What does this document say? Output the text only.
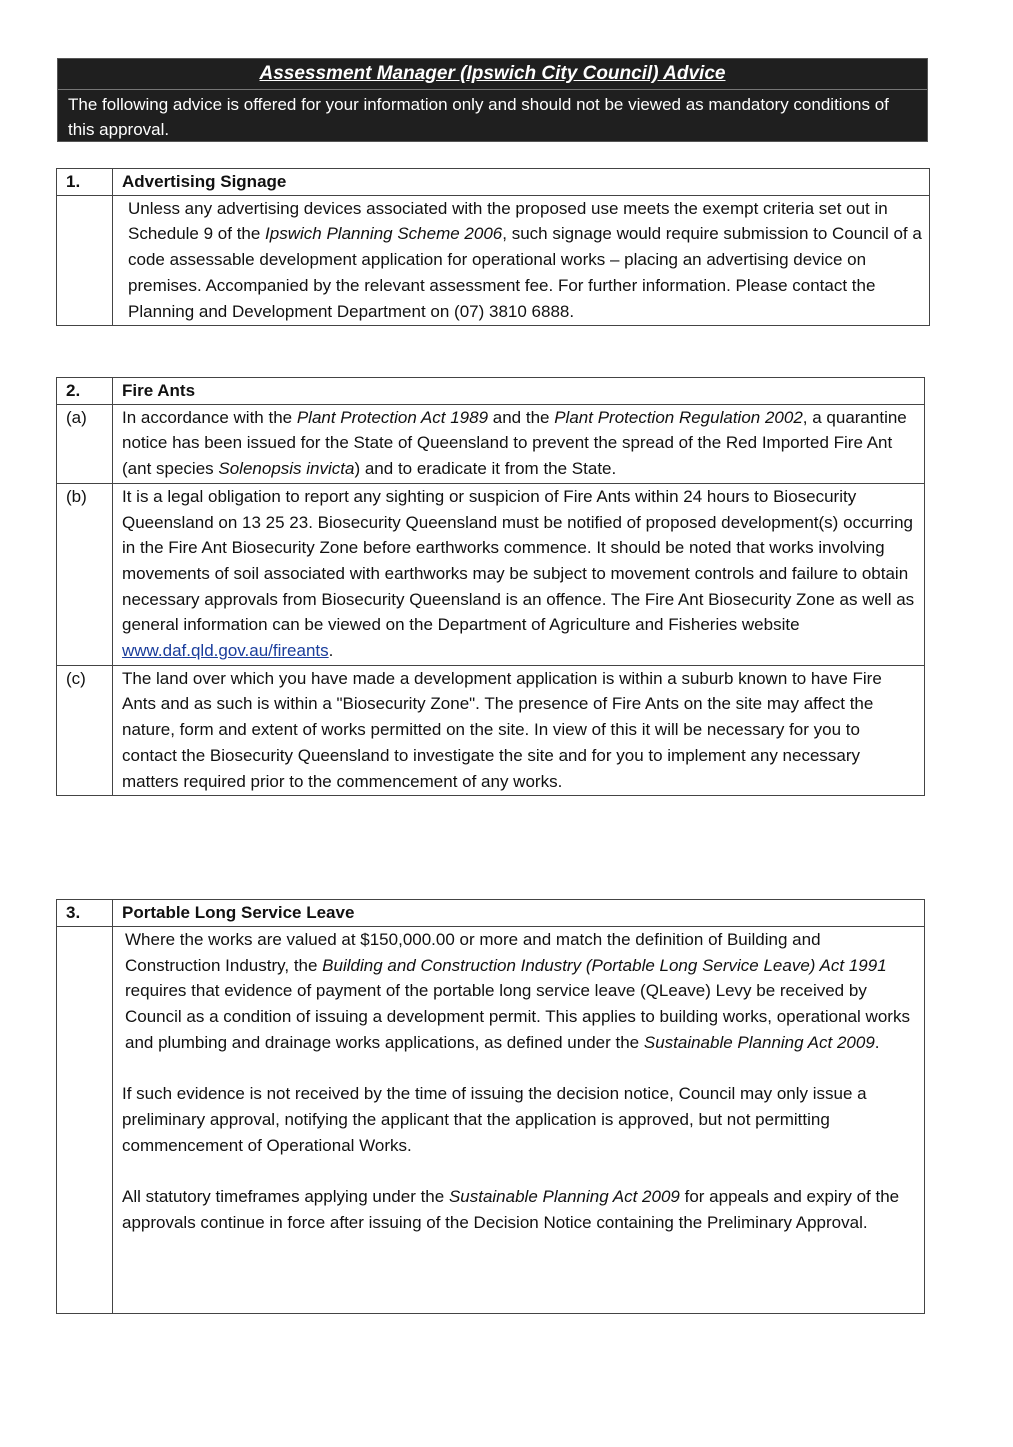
Assessment Manager (Ipswich City Council) Advice
The following advice is offered for your information only and should not be viewed as mandatory conditions of this approval.
1.	Advertising Signage

	Unless any advertising devices associated with the proposed use meets the exempt criteria set out in Schedule 9 of the Ipswich Planning Scheme 2006, such signage would require submission to Council of a code assessable development application for operational works – placing an advertising device on premises. Accompanied by the relevant assessment fee. For further information. Please contact the Planning and Development Department on (07) 3810 6888.

2.	Fire Ants
(a)	In accordance with the Plant Protection Act 1989 and the Plant Protection Regulation 2002, a quarantine notice has been issued for the State of Queensland to prevent the spread of the Red Imported Fire Ant (ant species Solenopsis invicta) and to eradicate it from the State.

(b)	It is a legal obligation to report any sighting or suspicion of Fire Ants within 24 hours to Biosecurity Queensland on 13 25 23. Biosecurity Queensland must be notified of proposed development(s) occurring in the Fire Ant Biosecurity Zone before earthworks commence. It should be noted that works involving movements of soil associated with earthworks may be subject to movement controls and failure to obtain necessary approvals from Biosecurity Queensland is an offence. The Fire Ant Biosecurity Zone as well as general information can be viewed on the Department of Agriculture and Fisheries website www.daf.qld.gov.au/fireants.

(c)	The land over which you have made a development application is within a suburb known to have Fire Ants and as such is within a "Biosecurity Zone". The presence of Fire Ants on the site may affect the nature, form and extent of works permitted on the site. In view of this it will be necessary for you to contact the Biosecurity Queensland to investigate the site and for you to implement any necessary matters required prior to the commencement of any works.

3.	Portable Long Service Leave

	Where the works are valued at $150,000.00 or more and match the definition of Building and Construction Industry, the Building and Construction Industry (Portable Long Service Leave) Act 1991 requires that evidence of payment of the portable long service leave (QLeave) Levy be received by Council as a condition of issuing a development permit. This applies to building works, operational works and plumbing and drainage works applications, as defined under the Sustainable Planning Act 2009.

If such evidence is not received by the time of issuing the decision notice, Council may only issue a preliminary approval, notifying the applicant that the application is approved, but not permitting commencement of Operational Works.

All statutory timeframes applying under the Sustainable Planning Act 2009 for appeals and expiry of the approvals continue in force after issuing of the Decision Notice containing the Preliminary Approval.
